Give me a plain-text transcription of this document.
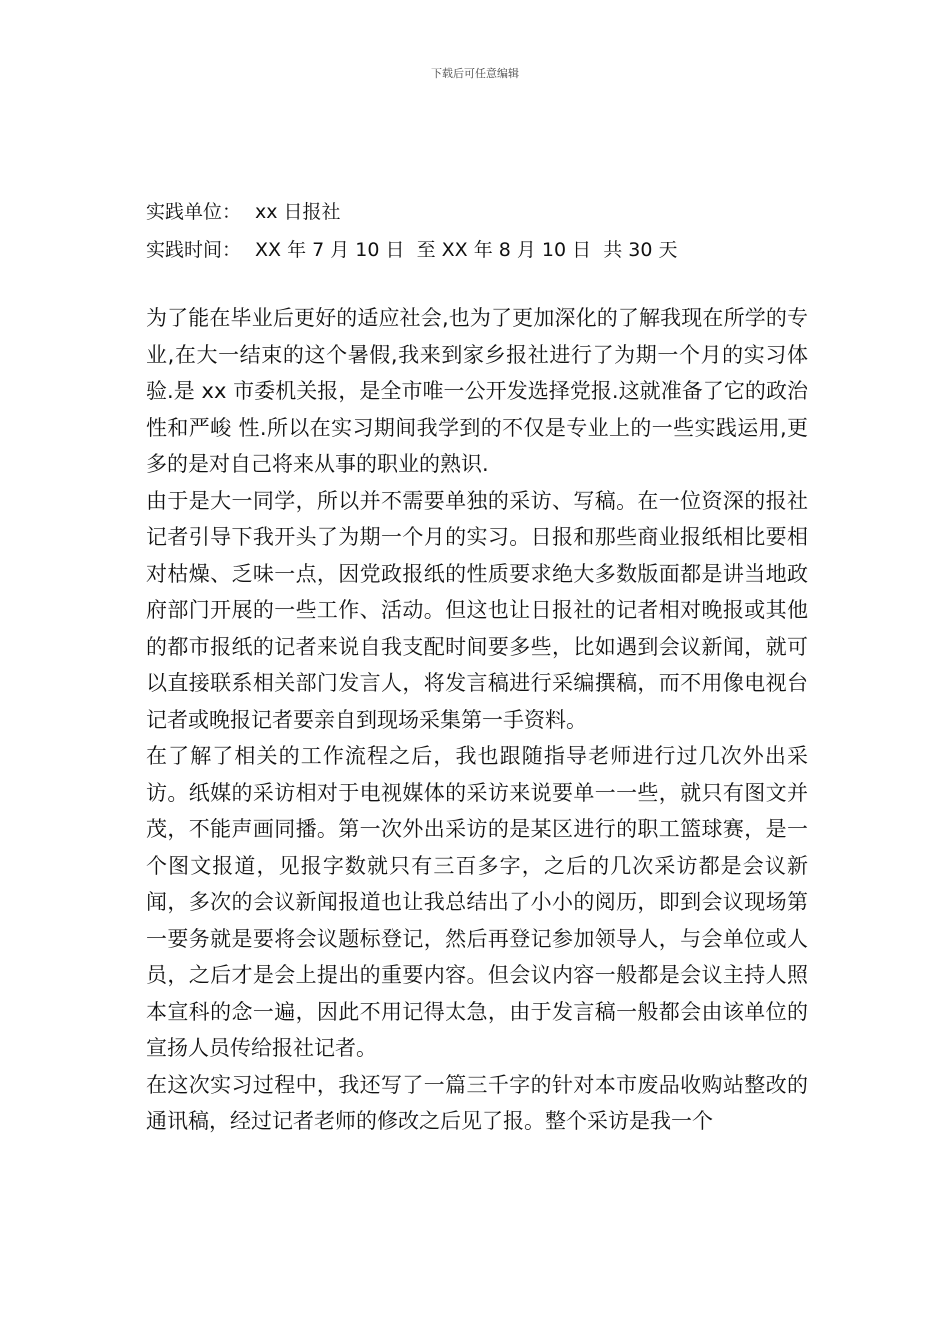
下载后可任意编辑
实践单位： xx 日报社
实践时间： XX 年 7 月 10 日  至 XX 年 8 月 10 日  共 30 天

为了能在毕业后更好的适应社会,也为了更加深化的了解我现在所学的专业,在大一结束的这个暑假,我来到家乡报社进行了为期一个月的实习体验.是 xx 市委机关报，是全市唯一公开发选择党报.这就准备了它的政治性和严峻 性.所以在实习期间我学到的不仅是专业上的一些实践运用,更多的是对自己将来从事的职业的熟识.

由于是大一同学，所以并不需要单独的采访、写稿。在一位资深的报社记者引导下我开头了为期一个月的实习。日报和那些商业报纸相比要相对枯燥、乏味一点，因党政报纸的性质要求绝大多数版面都是讲当地政府部门开展的一些工作、活动。但这也让日报社的记者相对晚报或其他的都市报纸的记者来说自我支配时间要多些，比如遇到会议新闻，就可以直接联系相关部门发言人，将发言稿进行采编撰稿，而不用像电视台记者或晚报记者要亲自到现场采集第一手资料。

在了解了相关的工作流程之后，我也跟随指导老师进行过几次外出采访。纸媒的采访相对于电视媒体的采访来说要单一一些，就只有图文并茂，不能声画同播。第一次外出采访的是某区进行的职工篮球赛，是一个图文报道，见报字数就只有三百多字，之后的几次采访都是会议新闻，多次的会议新闻报道也让我总结出了小小的阅历，即到会议现场第一要务就是要将会议题标登记，然后再登记参加领导人，与会单位或人员，之后才是会上提出的重要内容。但会议内容一般都是会议主持人照本宣科的念一遍，因此不用记得太急，由于发言稿一般都会由该单位的宣扬人员传给报社记者。

在这次实习过程中，我还写了一篇三千字的针对本市废品收购站整改的通讯稿，经过记者老师的修改之后见了报。整个采访是我一个
